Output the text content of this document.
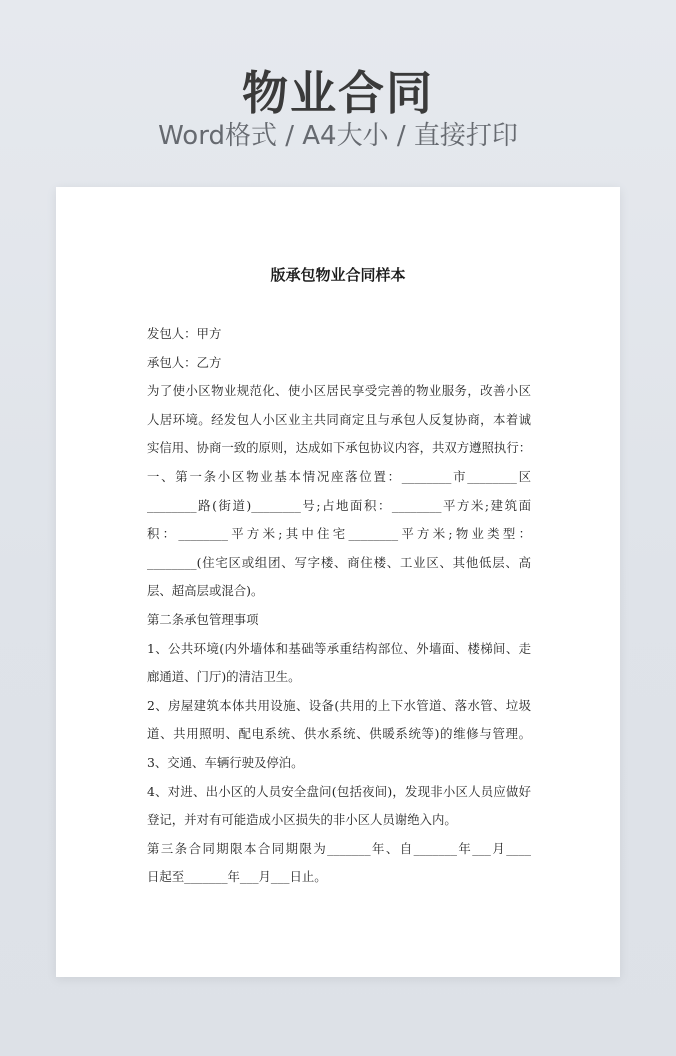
物业合同
Word格式 / A4大小 / 直接打印
版承包物业合同样本
发包人：甲方
承包人：乙方
为了使小区物业规范化、使小区居民享受完善的物业服务，改善小区
人居环境。经发包人小区业主共同商定且与承包人反复协商，本着诚
实信用、协商一致的原则，达成如下承包协议内容，共双方遵照执行：
一、第一条小区物业基本情况座落位置：________市________区
________路(街道)________号;占地面积：________平方米;建筑面
积：________平方米;其中住宅________平方米;物业类型：
________(住宅区或组团、写字楼、商住楼、工业区、其他低层、高
层、超高层或混合)。
第二条承包管理事项
1、公共环境(内外墙体和基础等承重结构部位、外墙面、楼梯间、走
廊通道、门厅)的清洁卫生。
2、房屋建筑本体共用设施、设备(共用的上下水管道、落水管、垃圾
道、共用照明、配电系统、供水系统、供暖系统等)的维修与管理。
3、交通、车辆行驶及停泊。
4、对进、出小区的人员安全盘问(包括夜间)，发现非小区人员应做好
登记，并对有可能造成小区损失的非小区人员谢绝入内。
第三条合同期限本合同期限为_______年、自_______年___月____
日起至_______年___月___日止。
